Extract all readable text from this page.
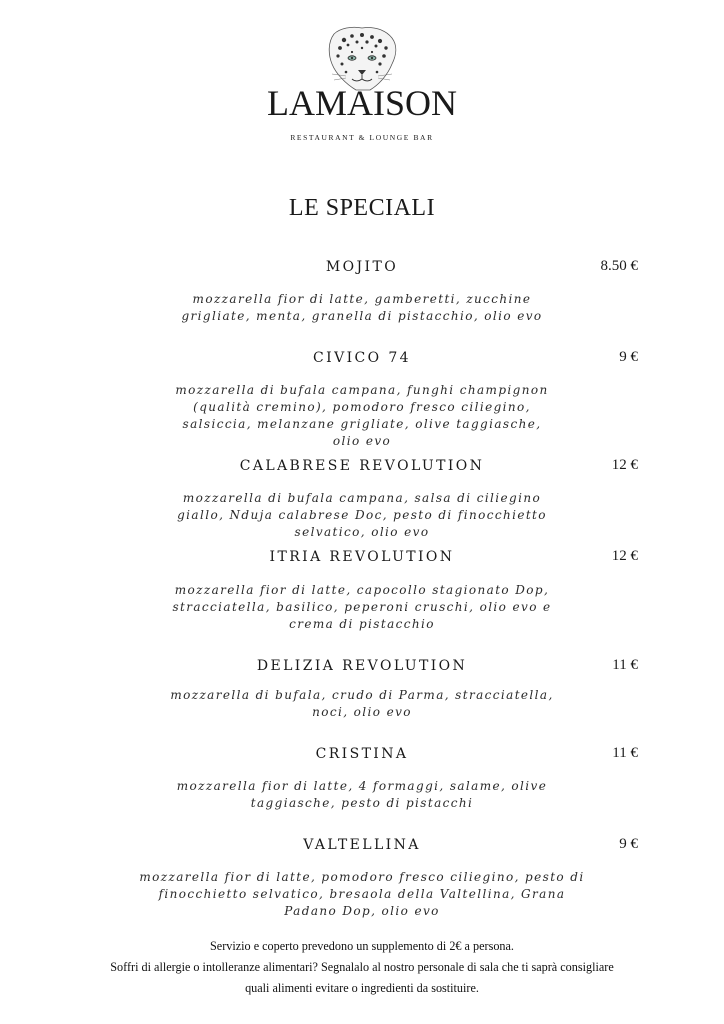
LAMAISON
RESTAURANT & LOUNGE BAR
LE SPECIALI
MOJITO	8.50 €
mozzarella fior di latte, gamberetti, zucchine grigliate, menta, granella di pistacchio, olio evo
CIVICO 74	9 €
mozzarella di bufala campana, funghi champignon (qualità cremino), pomodoro fresco ciliegino, salsiccia, melanzane grigliate, olive taggiasche, olio evo
CALABRESE REVOLUTION	12 €
mozzarella di bufala campana, salsa di ciliegino giallo, Nduja calabrese Doc, pesto di finocchietto selvatico, olio evo
ITRIA REVOLUTION	12 €
mozzarella fior di latte, capocollo stagionato Dop, stracciatella, basilico, peperoni cruschi, olio evo e crema di pistacchio
DELIZIA REVOLUTION	11 €
mozzarella di bufala, crudo di Parma, stracciatella, noci, olio evo
CRISTINA	11 €
mozzarella fior di latte, 4 formaggi, salame, olive taggiasche, pesto di pistacchi
VALTELLINA	9 €
mozzarella fior di latte, pomodoro fresco ciliegino, pesto di finocchietto selvatico, bresaola della Valtellina, Grana Padano Dop, olio evo
Servizio e coperto prevedono un supplemento di 2€ a persona.
Soffri di allergie o intolleranze alimentari? Segnalalo al nostro personale di sala che ti saprà consigliare
quali alimenti evitare o ingredienti da sostituire.
